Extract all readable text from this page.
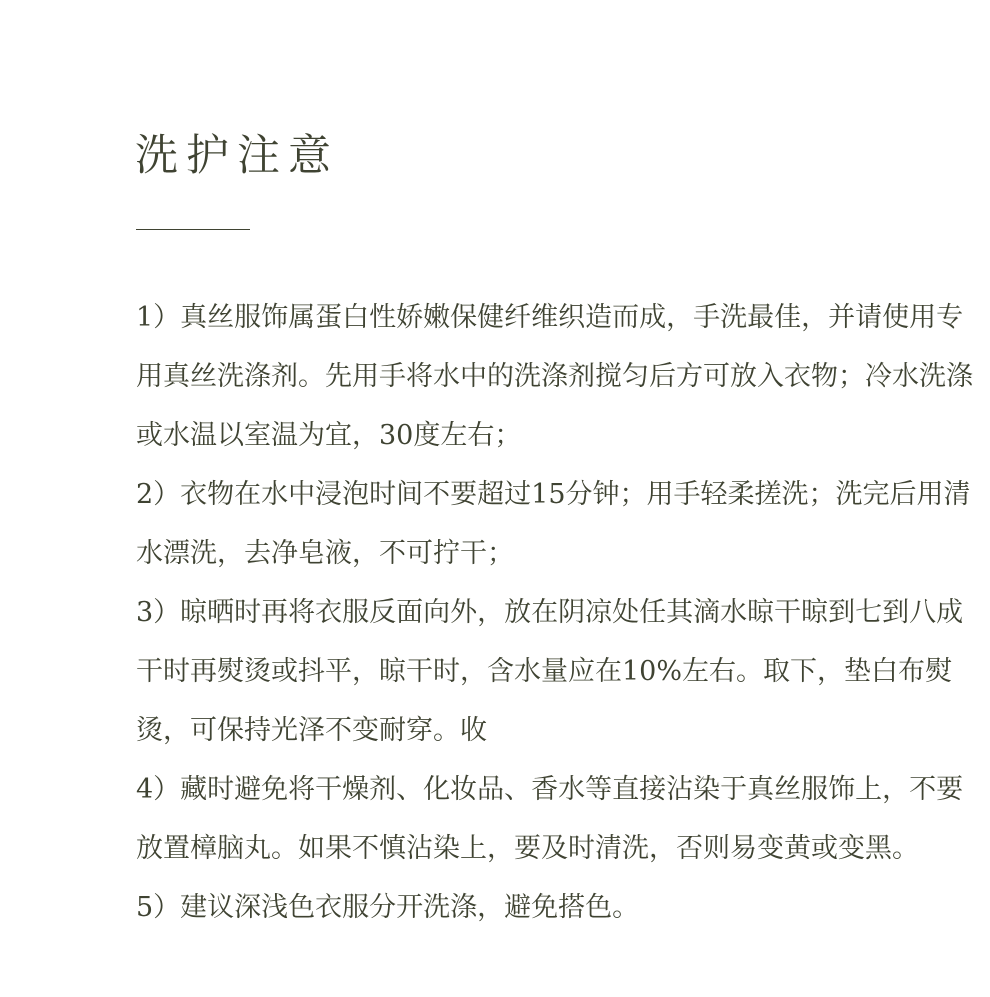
洗护注意

1）真丝服饰属蛋白性娇嫩保健纤维织造而成，手洗最佳，并请使用专用真丝洗涤剂。先用手将水中的洗涤剂搅匀后方可放入衣物；冷水洗涤或水温以室温为宜，30度左右；

2）衣物在水中浸泡时间不要超过15分钟；用手轻柔搓洗；洗完后用清水漂洗，去净皂液，不可拧干；

3）晾晒时再将衣服反面向外，放在阴凉处任其滴水晾干晾到七到八成干时再熨烫或抖平，晾干时，含水量应在10%左右。取下，垫白布熨烫，可保持光泽不变耐穿。收

4）藏时避免将干燥剂、化妆品、香水等直接沾染于真丝服饰上，不要放置樟脑丸。如果不慎沾染上，要及时清洗，否则易变黄或变黑。

5）建议深浅色衣服分开洗涤，避免搭色。
